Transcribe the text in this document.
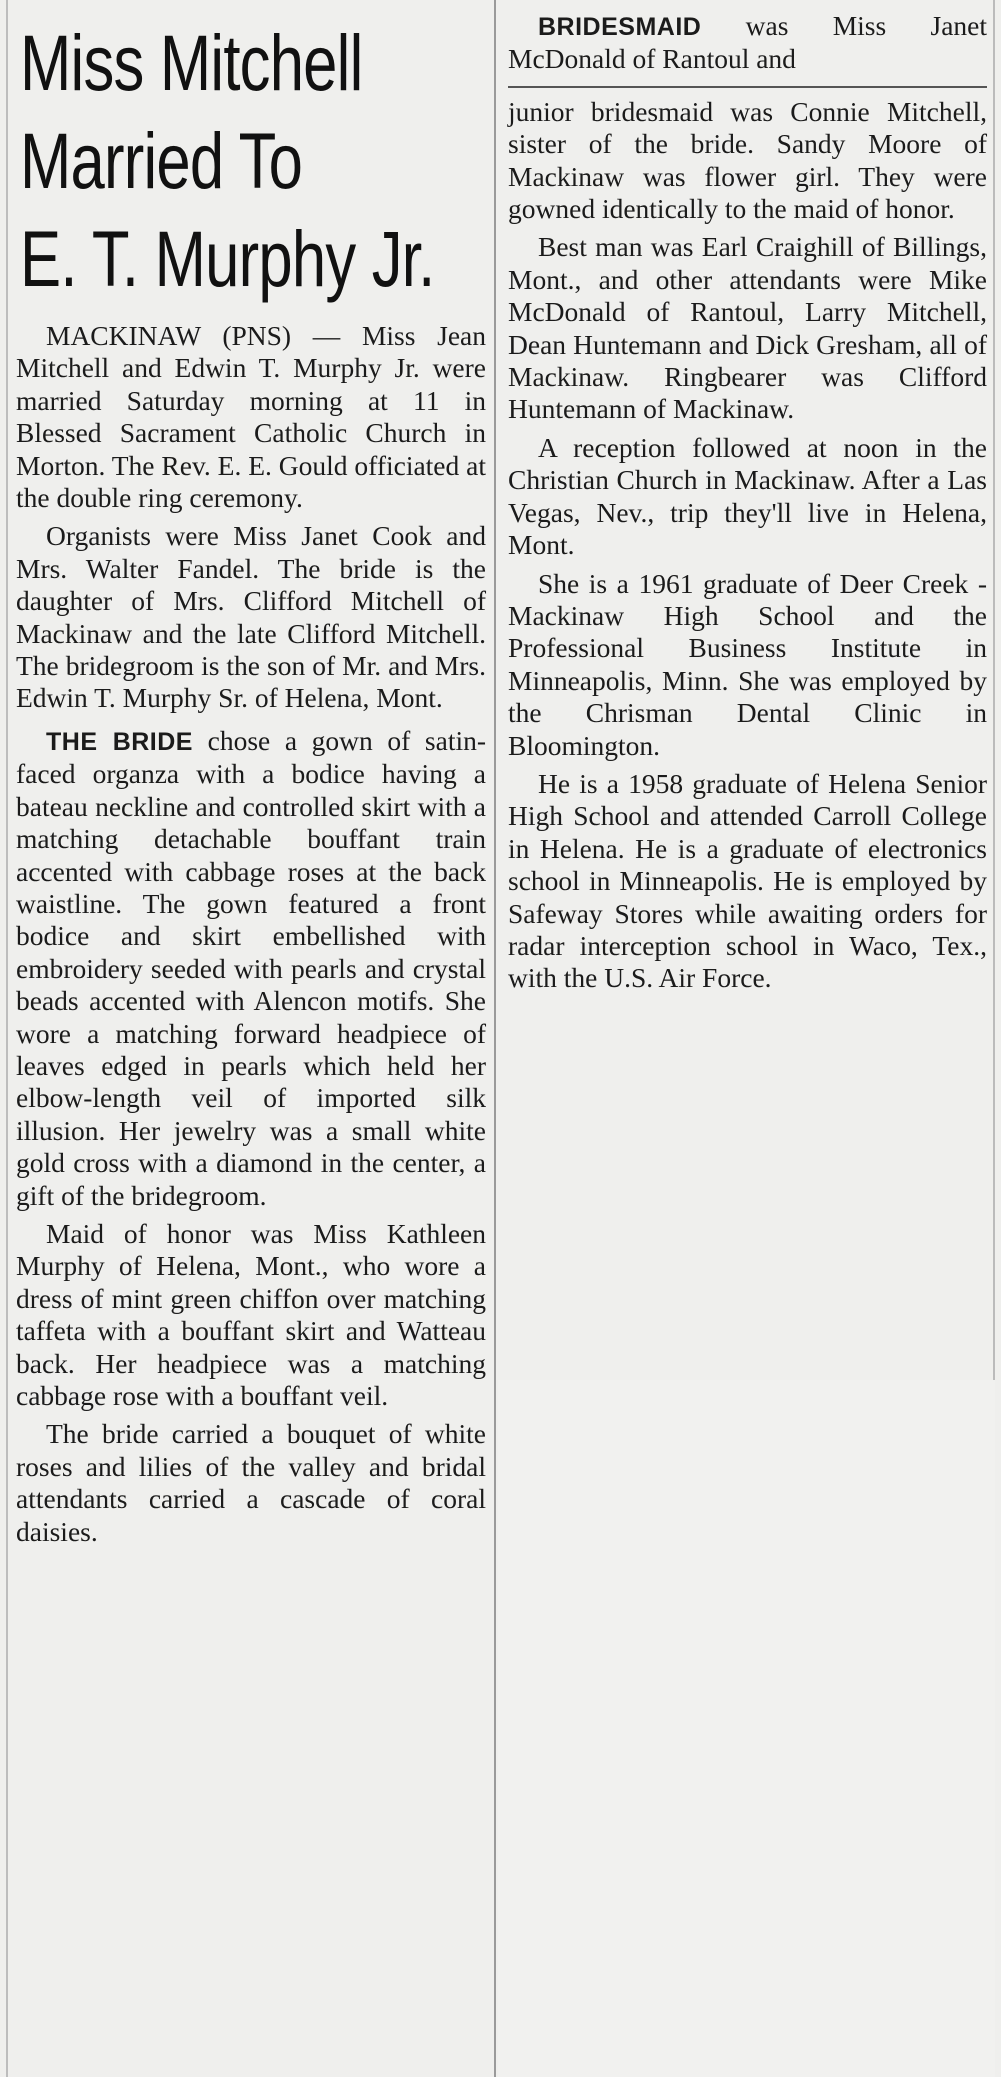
Miss Mitchell
Married To
E. T. Murphy Jr.

MACKINAW (PNS) — Miss Jean Mitchell and Edwin T. Murphy Jr. were married Saturday morning at 11 in Blessed Sacrament Catholic Church in Morton. The Rev. E. E. Gould officiated at the double ring ceremony.

Organists were Miss Janet Cook and Mrs. Walter Fandel. The bride is the daughter of Mrs. Clifford Mitchell of Mackinaw and the late Clifford Mitchell. The bridegroom is the son of Mr. and Mrs. Edwin T. Murphy Sr. of Helena, Mont.

THE BRIDE chose a gown of satin-faced organza with a bodice having a bateau neckline and controlled skirt with a matching detachable bouffant train accented with cabbage roses at the back waistline. The gown featured a front bodice and skirt embellished with embroidery seeded with pearls and crystal beads accented with Alencon motifs. She wore a matching forward headpiece of leaves edged in pearls which held her elbow-length veil of imported silk illusion. Her jewelry was a small white gold cross with a diamond in the center, a gift of the bridegroom.

Maid of honor was Miss Kathleen Murphy of Helena, Mont., who wore a dress of mint green chiffon over matching taffeta with a bouffant skirt and Watteau back. Her headpiece was a matching cabbage rose with a bouffant veil.

The bride carried a bouquet of white roses and lilies of the valley and bridal attendants carried a cascade of coral daisies.

BRIDESMAID was Miss Janet McDonald of Rantoul and

junior bridesmaid was Connie Mitchell, sister of the bride. Sandy Moore of Mackinaw was flower girl. They were gowned identically to the maid of honor.

Best man was Earl Craighill of Billings, Mont., and other attendants were Mike McDonald of Rantoul, Larry Mitchell, Dean Huntemann and Dick Gresham, all of Mackinaw. Ringbearer was Clifford Huntemann of Mackinaw.

A reception followed at noon in the Christian Church in Mackinaw. After a Las Vegas, Nev., trip they'll live in Helena, Mont.

She is a 1961 graduate of Deer Creek - Mackinaw High School and the Professional Business Institute in Minneapolis, Minn. She was employed by the Chrisman Dental Clinic in Bloomington.

He is a 1958 graduate of Helena Senior High School and attended Carroll College in Helena. He is a graduate of electronics school in Minneapolis. He is employed by Safeway Stores while awaiting orders for radar interception school in Waco, Tex., with the U.S. Air Force.
